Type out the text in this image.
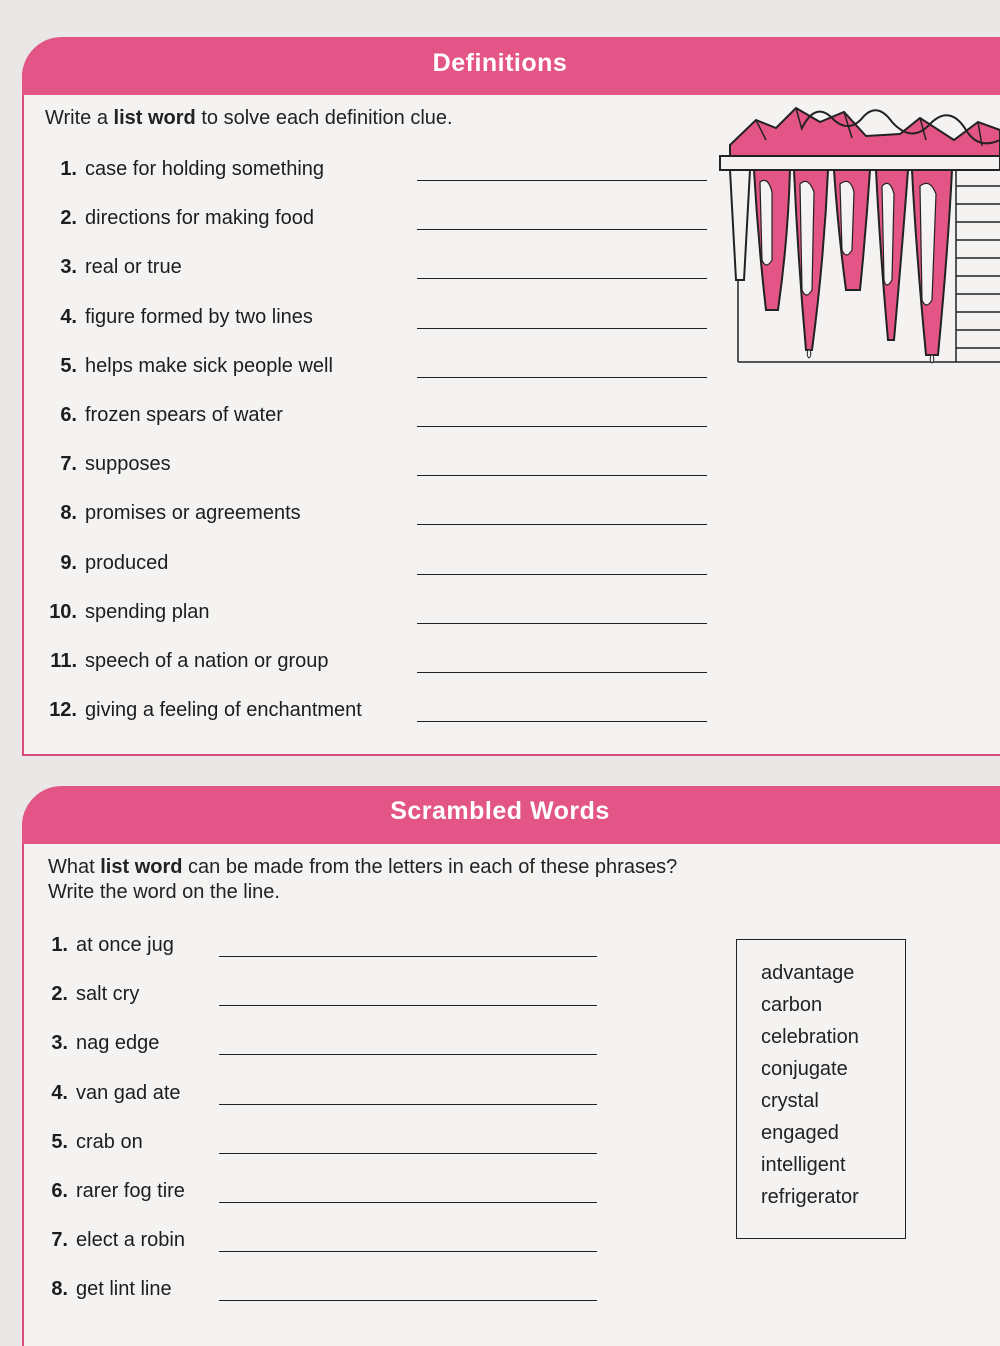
Definitions
Write a list word to solve each definition clue.
1. case for holding something
2. directions for making food
3. real or true
4. figure formed by two lines
5. helps make sick people well
6. frozen spears of water
7. supposes
8. promises or agreements
9. produced
10. spending plan
11. speech of a nation or group
12. giving a feeling of enchantment
Scrambled Words
What list word can be made from the letters in each of these phrases?
Write the word on the line.
1. at once jug
2. salt cry
3. nag edge
4. van gad ate
5. crab on
6. rarer fog tire
7. elect a robin
8. get lint line
advantage
carbon
celebration
conjugate
crystal
engaged
intelligent
refrigerator
